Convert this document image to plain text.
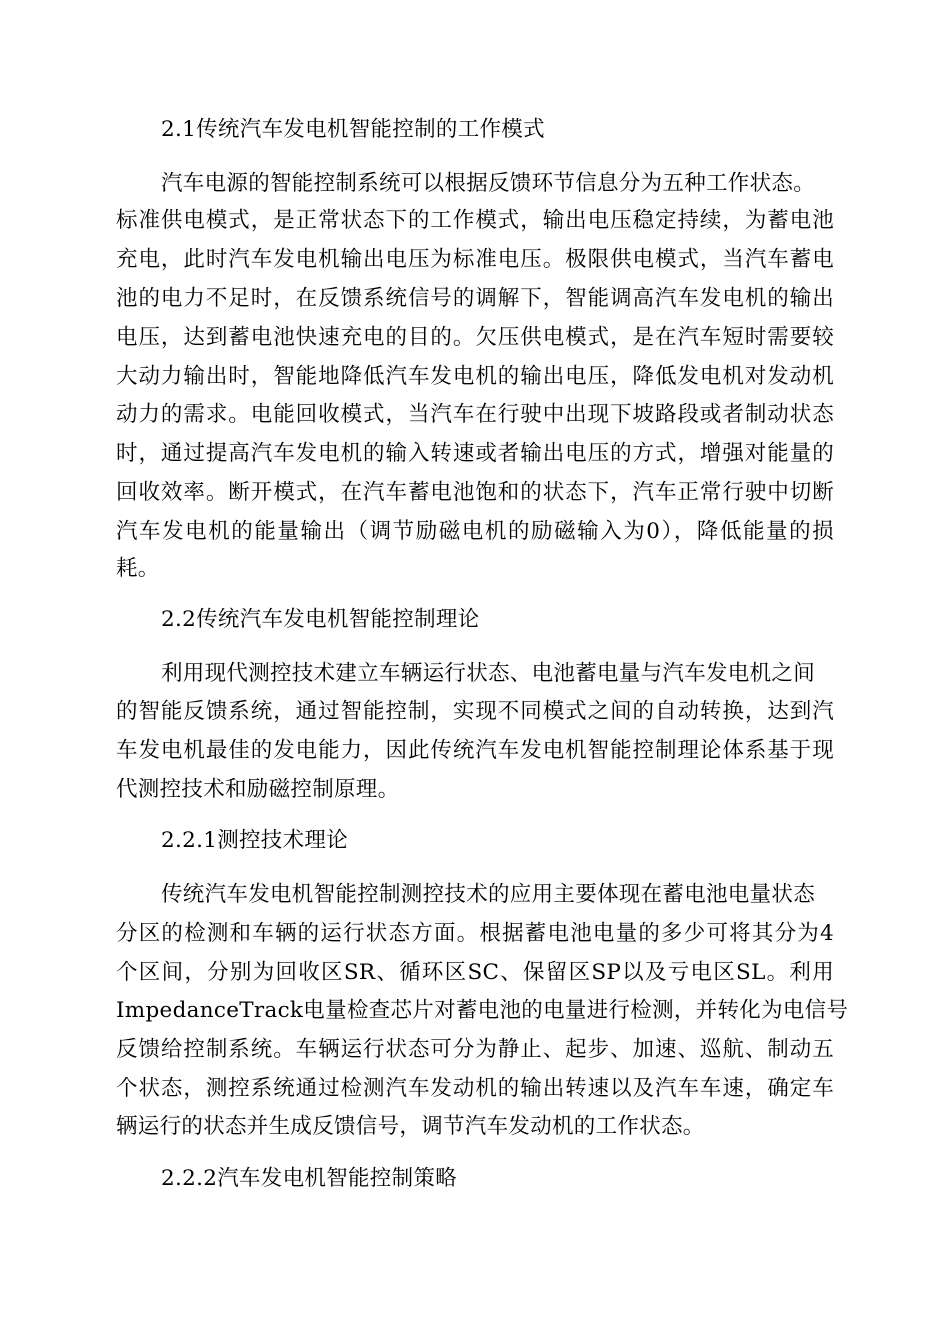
2.1传统汽车发电机智能控制的工作模式
汽车电源的智能控制系统可以根据反馈环节信息分为五种工作状态。
标准供电模式，是正常状态下的工作模式，输出电压稳定持续，为蓄电池
充电，此时汽车发电机输出电压为标准电压。极限供电模式，当汽车蓄电
池的电力不足时，在反馈系统信号的调解下，智能调高汽车发电机的输出
电压，达到蓄电池快速充电的目的。欠压供电模式，是在汽车短时需要较
大动力输出时，智能地降低汽车发电机的输出电压，降低发电机对发动机
动力的需求。电能回收模式，当汽车在行驶中出现下坡路段或者制动状态
时，通过提高汽车发电机的输入转速或者输出电压的方式，增强对能量的
回收效率。断开模式，在汽车蓄电池饱和的状态下，汽车正常行驶中切断
汽车发电机的能量输出（调节励磁电机的励磁输入为0），降低能量的损
耗。
2.2传统汽车发电机智能控制理论
利用现代测控技术建立车辆运行状态、电池蓄电量与汽车发电机之间
的智能反馈系统，通过智能控制，实现不同模式之间的自动转换，达到汽
车发电机最佳的发电能力，因此传统汽车发电机智能控制理论体系基于现
代测控技术和励磁控制原理。
2.2.1测控技术理论
传统汽车发电机智能控制测控技术的应用主要体现在蓄电池电量状态
分区的检测和车辆的运行状态方面。根据蓄电池电量的多少可将其分为4
个区间，分别为回收区SR、循环区SC、保留区SP以及亏电区SL。利用
ImpedanceTrack电量检查芯片对蓄电池的电量进行检测，并转化为电信号
反馈给控制系统。车辆运行状态可分为静止、起步、加速、巡航、制动五
个状态，测控系统通过检测汽车发动机的输出转速以及汽车车速，确定车
辆运行的状态并生成反馈信号，调节汽车发动机的工作状态。
2.2.2汽车发电机智能控制策略
